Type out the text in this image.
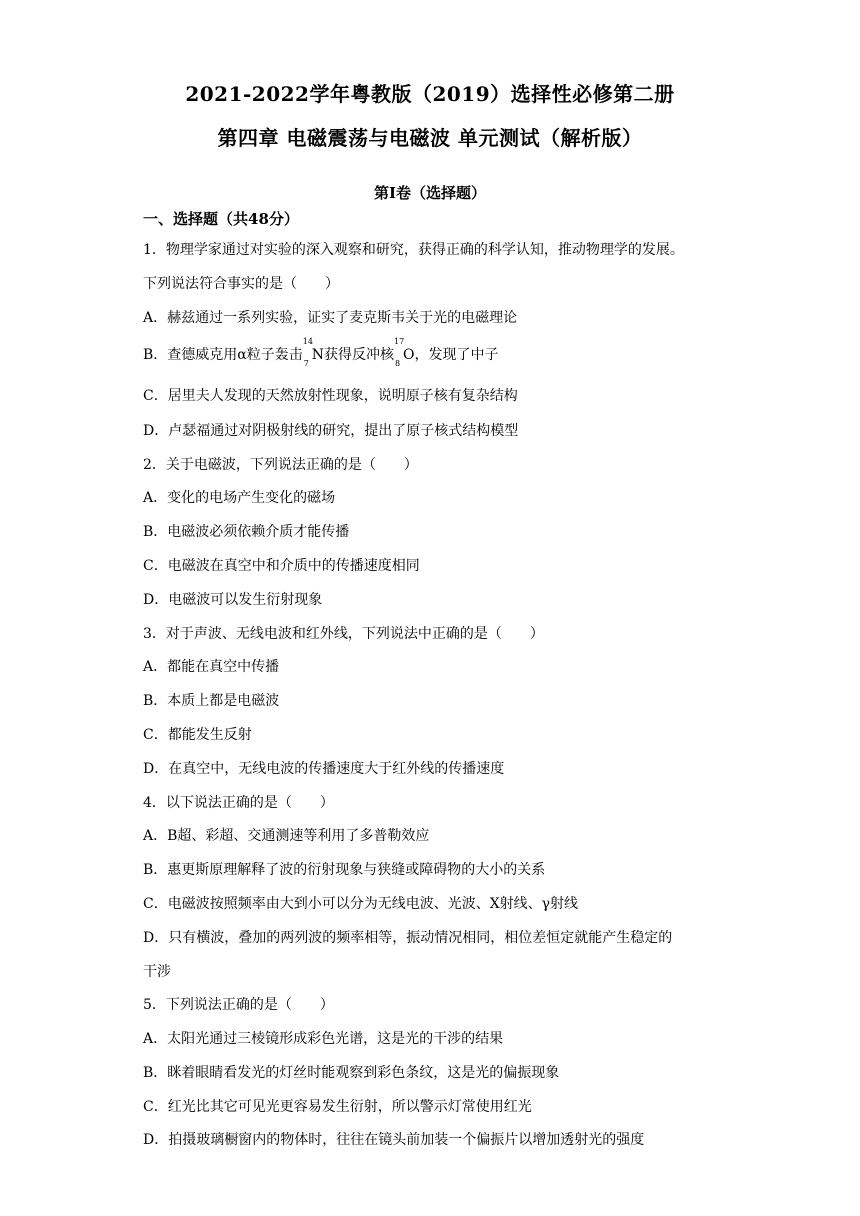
2021-2022学年粤教版（2019）选择性必修第二册
第四章 电磁震荡与电磁波 单元测试（解析版）
第Ⅰ卷（选择题）
一、选择题（共48分）
1．物理学家通过对实验的深入观察和研究，获得正确的科学认知，推动物理学的发展。
下列说法符合事实的是（　　）
A．赫兹通过一系列实验，证实了麦克斯韦关于光的电磁理论
B．查德威克用α粒子轰击
14
7
N获得反冲核
17
8
O，发现了中子
C．居里夫人发现的天然放射性现象，说明原子核有复杂结构
D．卢瑟福通过对阴极射线的研究，提出了原子核式结构模型
2．关于电磁波，下列说法正确的是（　　）
A．变化的电场产生变化的磁场
B．电磁波必须依赖介质才能传播
C．电磁波在真空中和介质中的传播速度相同
D．电磁波可以发生衍射现象
3．对于声波、无线电波和红外线，下列说法中正确的是（　　）
A．都能在真空中传播
B．本质上都是电磁波
C．都能发生反射
D．在真空中，无线电波的传播速度大于红外线的传播速度
4．以下说法正确的是（　　）
A．B超、彩超、交通测速等利用了多普勒效应
B．惠更斯原理解释了波的衍射现象与狭缝或障碍物的大小的关系
C．电磁波按照频率由大到小可以分为无线电波、光波、X射线、γ射线
D．只有横波，叠加的两列波的频率相等，振动情况相同，相位差恒定就能产生稳定的
干涉
5．下列说法正确的是（　　）
A．太阳光通过三棱镜形成彩色光谱，这是光的干涉的结果
B．眯着眼睛看发光的灯丝时能观察到彩色条纹，这是光的偏振现象
C．红光比其它可见光更容易发生衍射，所以警示灯常使用红光
D．拍摄玻璃橱窗内的物体时，往往在镜头前加装一个偏振片以增加透射光的强度
